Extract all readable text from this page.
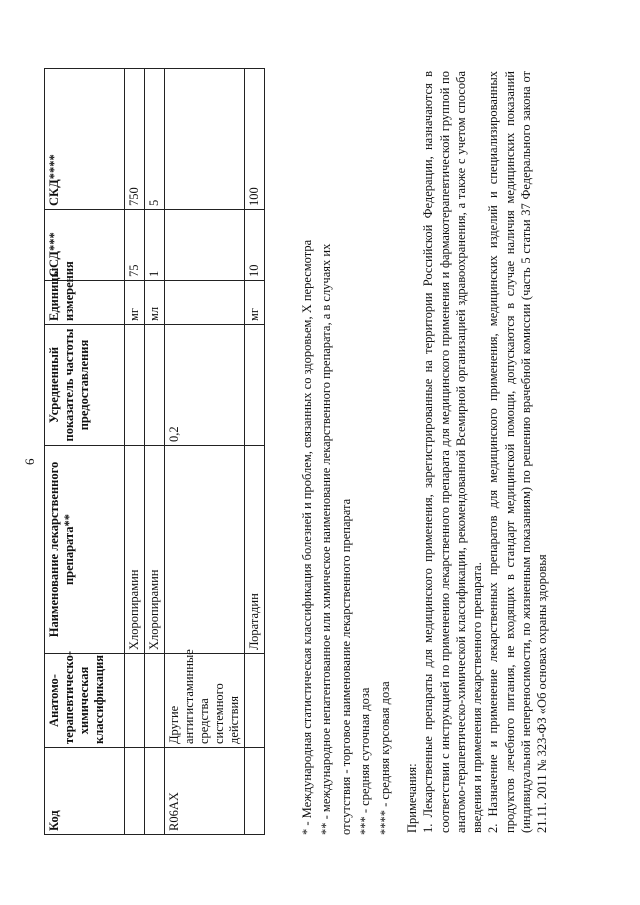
6
Код	Анатомо-терапевтическо-химическая классификация	Наименование лекарственного препарата**	Усредненный показатель частоты предоставления	Единицы измерения	ССД***	СКД****
		Хлоропирамин		мг	75	750
		Хлоропирамин		мл	1	5
R06AX	Другие антигистаминные средства системного действия		0,2			
		Лоратадин		мг	10	100
* - Международная статистическая классификация болезней и проблем, связанных со здоровьем, X пересмотра ** - международное непатентованное или химическое наименование лекарственного препарата, а в случаях их отсутствия - торговое наименование лекарственного препарата *** - средняя суточная доза **** - средняя курсовая доза Примечания: 1. Лекарственные препараты для медицинского применения, зарегистрированные на территории Российской Федерации, назначаются в соответствии с инструкцией по применению лекарственного препарата для медицинского применения и фармакотерапевтической группой по анатомо-терапевтическо-химической классификации, рекомендованной Всемирной организацией здравоохранения, а также с учетом способа введения и применения лекарственного препарата. 2. Назначение и применение лекарственных препаратов для медицинского применения, медицинских изделий и специализированных продуктов лечебного питания, не входящих в стандарт медицинской помощи, допускаются в случае наличия медицинских показаний (индивидуальной непереносимости, по жизненным показаниям) по решению врачебной комиссии (часть 5 статьи 37 Федерального закона от 21.11. 2011 № 323-ФЗ «Об основах охраны здоровья
